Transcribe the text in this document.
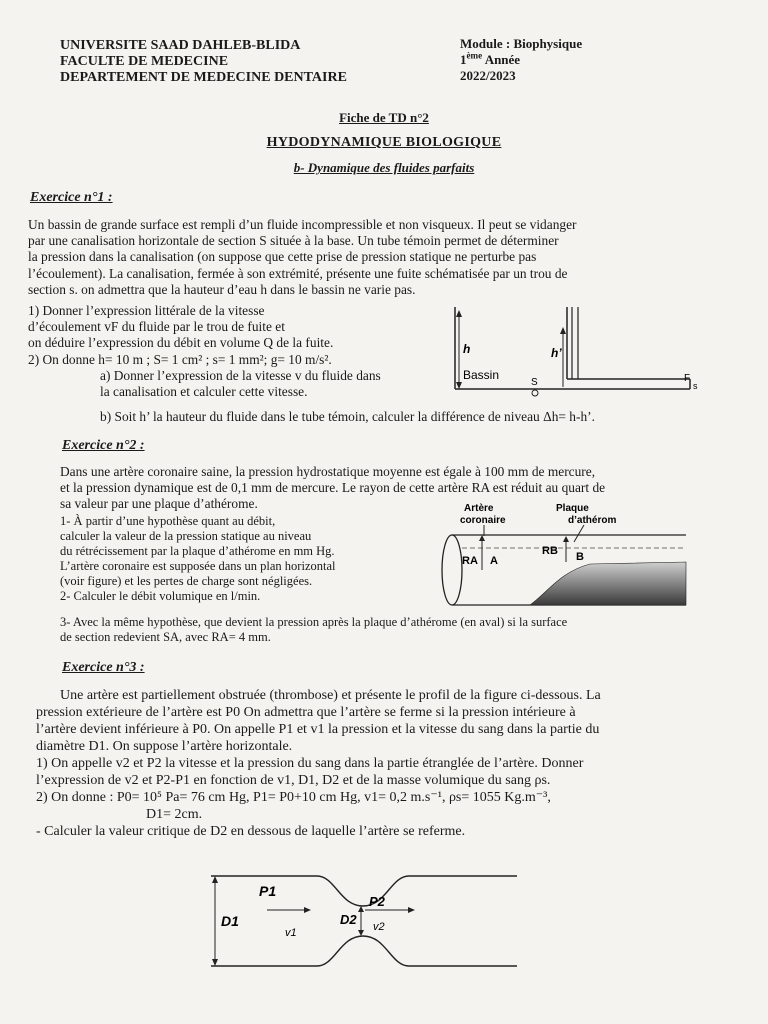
UNIVERSITE SAAD DAHLEB-BLIDA
FACULTE DE MEDECINE
DEPARTEMENT DE MEDECINE DENTAIRE
Module : Biophysique
1ème Année
2022/2023
Fiche de TD n°2
HYDODYNAMIQUE BIOLOGIQUE
b- Dynamique des fluides parfaits
Exercice n°1 :

Un bassin de grande surface est rempli d’un fluide incompressible et non visqueux. Il peut se vidanger

par une canalisation horizontale de section S située à la base. Un tube témoin permet de déterminer

la pression dans la canalisation (on suppose que cette prise de pression statique ne perturbe pas

l’écoulement). La canalisation, fermée à son extrémité, présente une fuite schématisée par un trou de

section s. on admettra que la hauteur d’eau h dans le bassin ne varie pas.

1) Donner l’expression littérale de la vitesse

d’écoulement vF du fluide par le trou de fuite et

on déduire l’expression du débit en volume Q de la fuite.

2) On donne h= 10 m ; S= 1 cm² ; s= 1 mm²; g= 10 m/s².

a) Donner l’expression de la vitesse v du fluide dans

la canalisation et calculer cette vitesse.

b) Soit h’ la hauteur du fluide dans le tube témoin, calculer la différence de niveau Δh= h-h’.
h	h’
Bassin
S	F
s
Exercice n°2 :

Dans une artère coronaire saine, la pression hydrostatique moyenne est égale à 100 mm de mercure,

et la pression dynamique est de 0,1 mm de mercure. Le rayon de cette artère RA est réduit au quart de

sa valeur par une plaque d’athérome.

1- À partir d’une hypothèse quant au débit,

calculer la valeur de la pression statique au niveau

du rétrécissement par la plaque d’athérome en mm Hg.

L’artère coronaire est supposée dans un plan horizontal

(voir figure) et les pertes de charge sont négligées.

2- Calculer le débit volumique en l/min.

3- Avec la même hypothèse, que devient la pression après la plaque d’athérome (en aval) si la surface

de section redevient SA, avec RA= 4 mm.

Artère
coronaire
Plaque
d’athérom
RA A
RB B
Exercice n°3 :

Une artère est partiellement obstruée (thrombose) et présente le profil de la figure ci-dessous. La

pression extérieure de l’artère est P0 On admettra que l’artère se ferme si la pression intérieure à

l’artère devient inférieure à P0. On appelle P1 et v1 la pression et la vitesse du sang dans la partie du

diamètre D1. On suppose l’artère horizontale.

1) On appelle v2 et P2 la vitesse et la pression du sang dans la partie étranglée de l’artère. Donner

l’expression de v2 et P2-P1 en fonction de v1, D1, D2 et de la masse volumique du sang ρs.

2) On donne : P0= 10⁵ Pa= 76 cm Hg, P1= P0+10 cm Hg, v1= 0,2 m.s⁻¹, ρs= 1055 Kg.m⁻³,

D1= 2cm.

- Calculer la valeur critique de D2 en dessous de laquelle l’artère se referme.

P1
D1
v1
D2
P2
v2
